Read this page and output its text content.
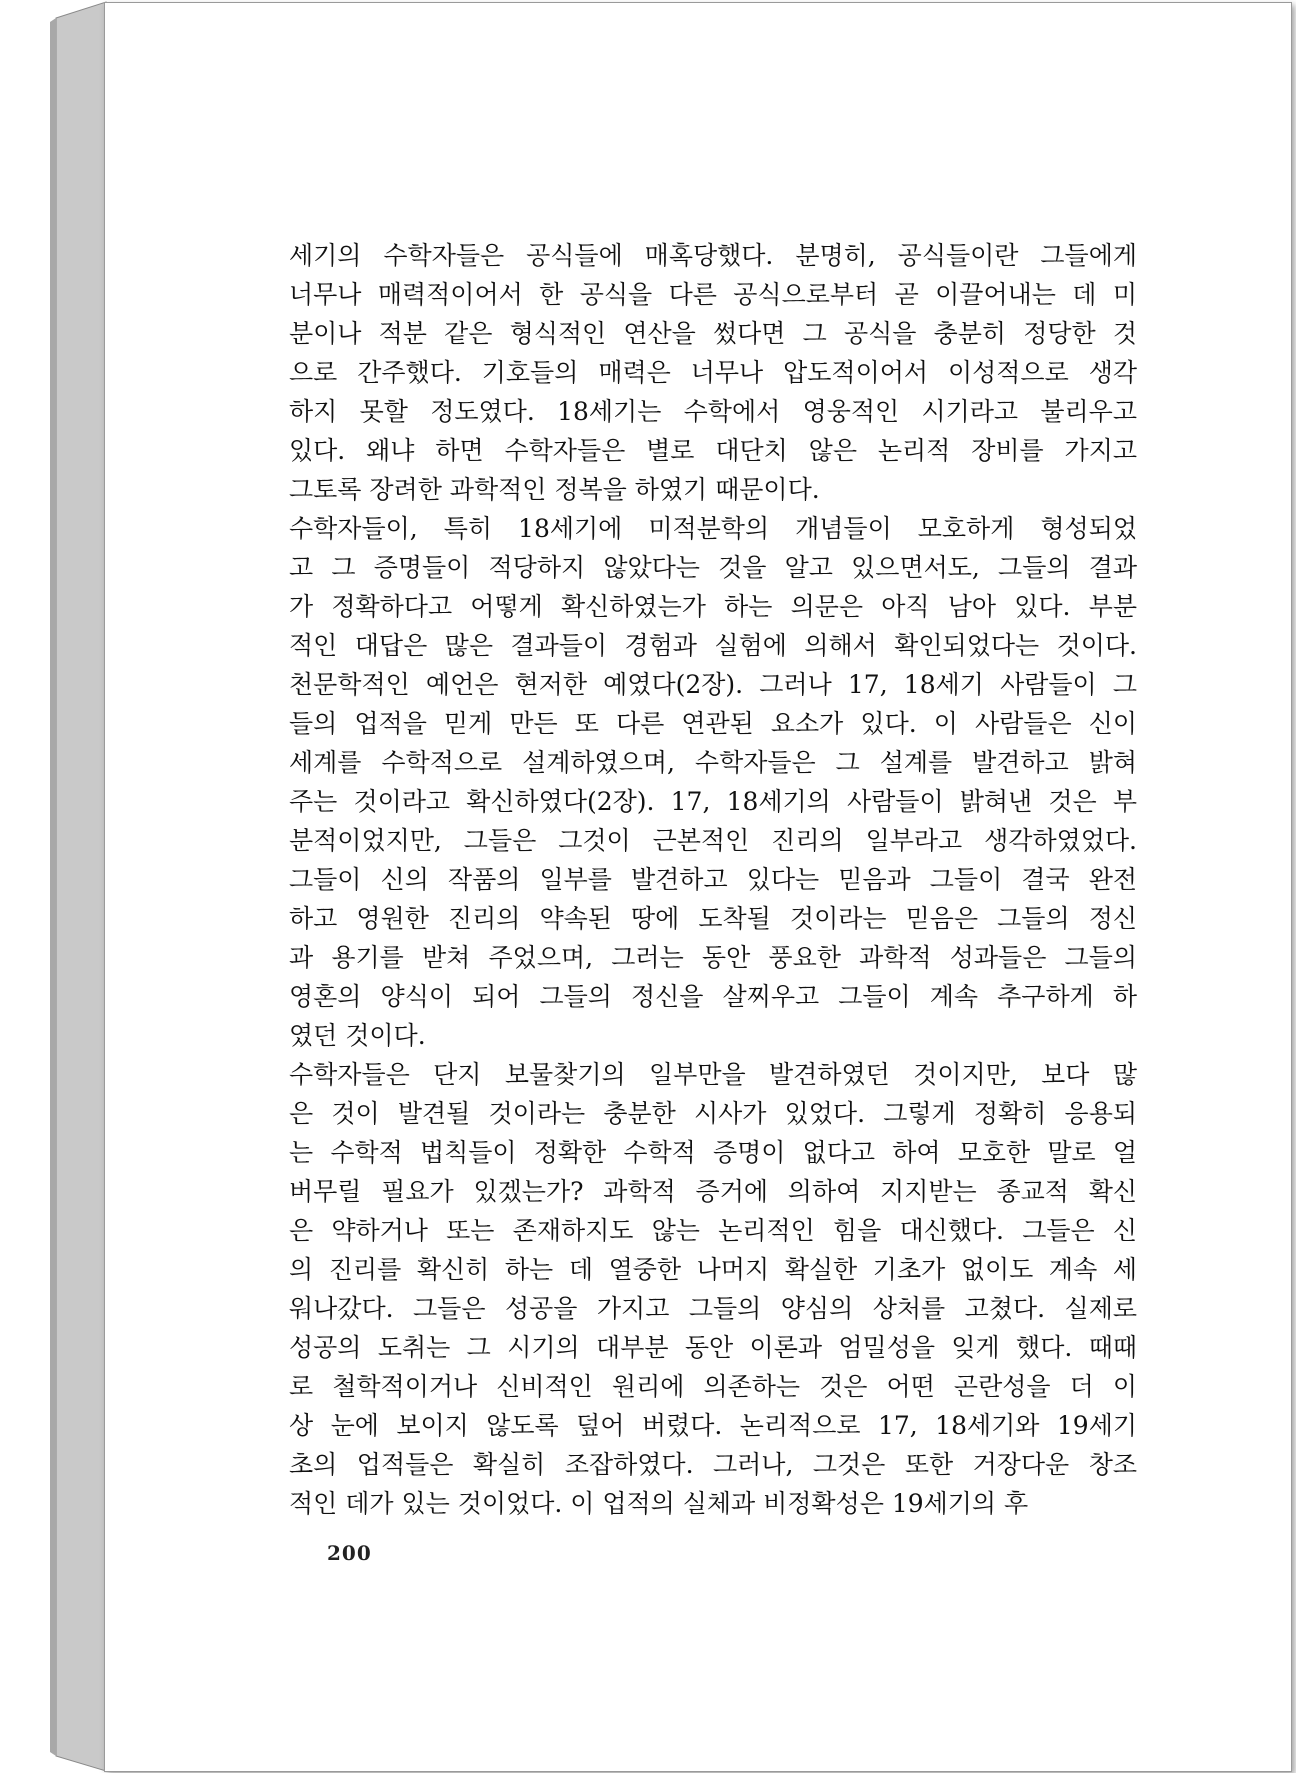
세기의 수학자들은 공식들에 매혹당했다. 분명히, 공식들이란 그들에게
너무나 매력적이어서 한 공식을 다른 공식으로부터 곧 이끌어내는 데 미
분이나 적분 같은 형식적인 연산을 썼다면 그 공식을 충분히 정당한 것
으로 간주했다. 기호들의 매력은 너무나 압도적이어서 이성적으로 생각
하지 못할 정도였다. 18세기는 수학에서 영웅적인 시기라고 불리우고
있다. 왜냐 하면 수학자들은 별로 대단치 않은 논리적 장비를 가지고
그토록 장려한 과학적인 정복을 하였기 때문이다.
수학자들이, 특히 18세기에 미적분학의 개념들이 모호하게 형성되었
고 그 증명들이 적당하지 않았다는 것을 알고 있으면서도, 그들의 결과
가 정확하다고 어떻게 확신하였는가 하는 의문은 아직 남아 있다. 부분
적인 대답은 많은 결과들이 경험과 실험에 의해서 확인되었다는 것이다.
천문학적인 예언은 현저한 예였다(2장). 그러나 17, 18세기 사람들이 그
들의 업적을 믿게 만든 또 다른 연관된 요소가 있다. 이 사람들은 신이
세계를 수학적으로 설계하였으며, 수학자들은 그 설계를 발견하고 밝혀
주는 것이라고 확신하였다(2장). 17, 18세기의 사람들이 밝혀낸 것은 부
분적이었지만, 그들은 그것이 근본적인 진리의 일부라고 생각하였었다.
그들이 신의 작품의 일부를 발견하고 있다는 믿음과 그들이 결국 완전
하고 영원한 진리의 약속된 땅에 도착될 것이라는 믿음은 그들의 정신
과 용기를 받쳐 주었으며, 그러는 동안 풍요한 과학적 성과들은 그들의
영혼의 양식이 되어 그들의 정신을 살찌우고 그들이 계속 추구하게 하
였던 것이다.
수학자들은 단지 보물찾기의 일부만을 발견하였던 것이지만, 보다 많
은 것이 발견될 것이라는 충분한 시사가 있었다. 그렇게 정확히 응용되
는 수학적 법칙들이 정확한 수학적 증명이 없다고 하여 모호한 말로 얼
버무릴 필요가 있겠는가? 과학적 증거에 의하여 지지받는 종교적 확신
은 약하거나 또는 존재하지도 않는 논리적인 힘을 대신했다. 그들은 신
의 진리를 확신히 하는 데 열중한 나머지 확실한 기초가 없이도 계속 세
워나갔다. 그들은 성공을 가지고 그들의 양심의 상처를 고쳤다. 실제로
성공의 도취는 그 시기의 대부분 동안 이론과 엄밀성을 잊게 했다. 때때
로 철학적이거나 신비적인 원리에 의존하는 것은 어떤 곤란성을 더 이
상 눈에 보이지 않도록 덮어 버렸다. 논리적으로 17, 18세기와 19세기
초의 업적들은 확실히 조잡하였다. 그러나, 그것은 또한 거장다운 창조
적인 데가 있는 것이었다. 이 업적의 실체과 비정확성은 19세기의 후
200
